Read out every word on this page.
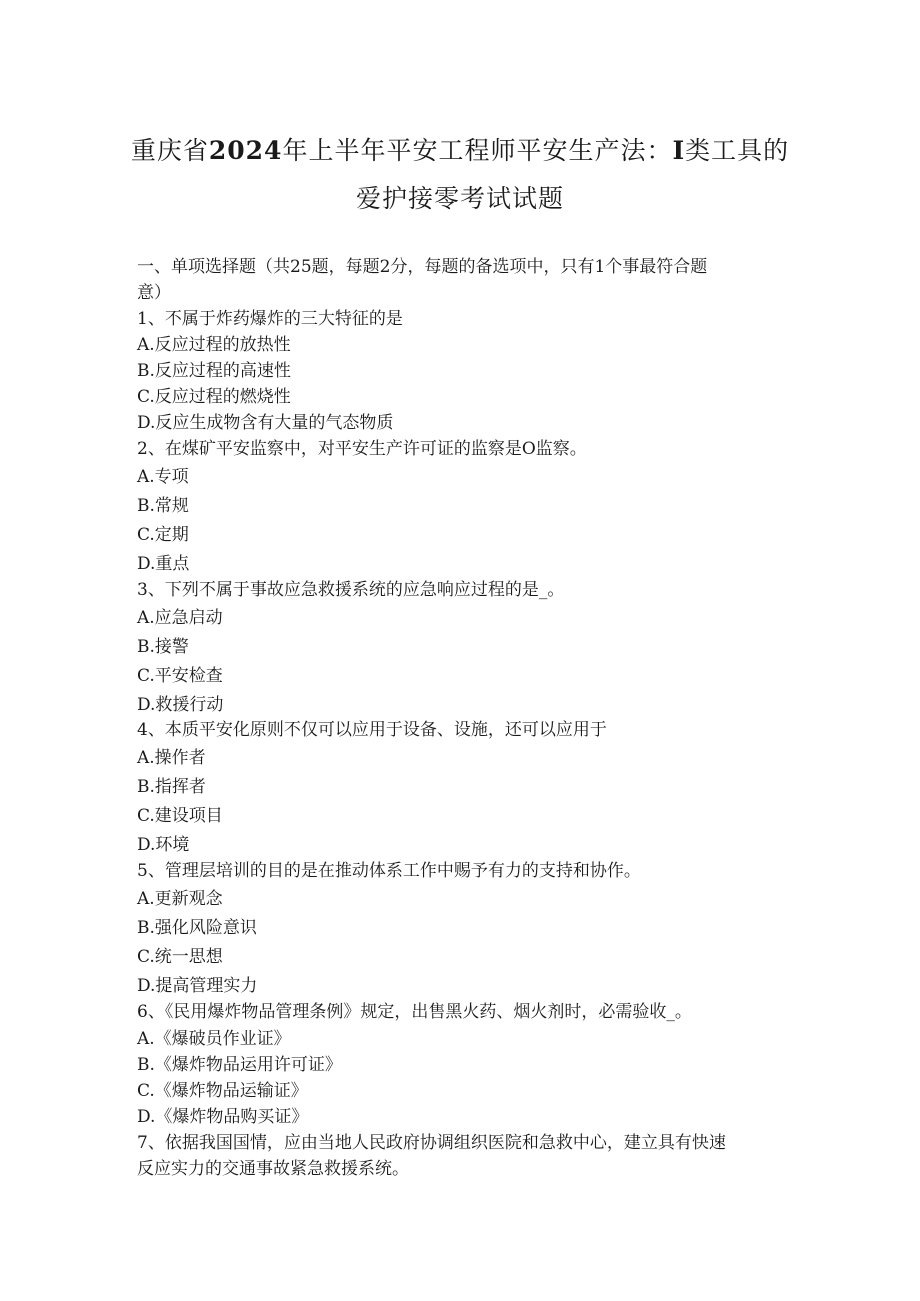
重庆省2024年上半年平安工程师平安生产法：I类工具的
爱护接零考试试题

一、单项选择题（共25题，每题2分，每题的备选项中，只有1个事最符合题

意）

1、不属于炸药爆炸的三大特征的是

A.反应过程的放热性

B.反应过程的高速性

C.反应过程的燃烧性

D.反应生成物含有大量的气态物质

2、在煤矿平安监察中，对平安生产许可证的监察是O监察。

A.专项

B.常规

C.定期

D.重点

3、下列不属于事故应急救援系统的应急响应过程的是_。

A.应急启动

B.接警

C.平安检查

D.救援行动

4、本质平安化原则不仅可以应用于设备、设施，还可以应用于

A.操作者

B.指挥者

C.建设项目

D.环境

5、管理层培训的目的是在推动体系工作中赐予有力的支持和协作。

A.更新观念

B.强化风险意识

C.统一思想

D.提高管理实力

6、《民用爆炸物品管理条例》规定，出售黑火药、烟火剂时，必需验收_。

A.《爆破员作业证》

B.《爆炸物品运用许可证》

C.《爆炸物品运输证》

D.《爆炸物品购买证》

7、依据我国国情，应由当地人民政府协调组织医院和急救中心，建立具有快速

反应实力的交通事故紧急救援系统。
